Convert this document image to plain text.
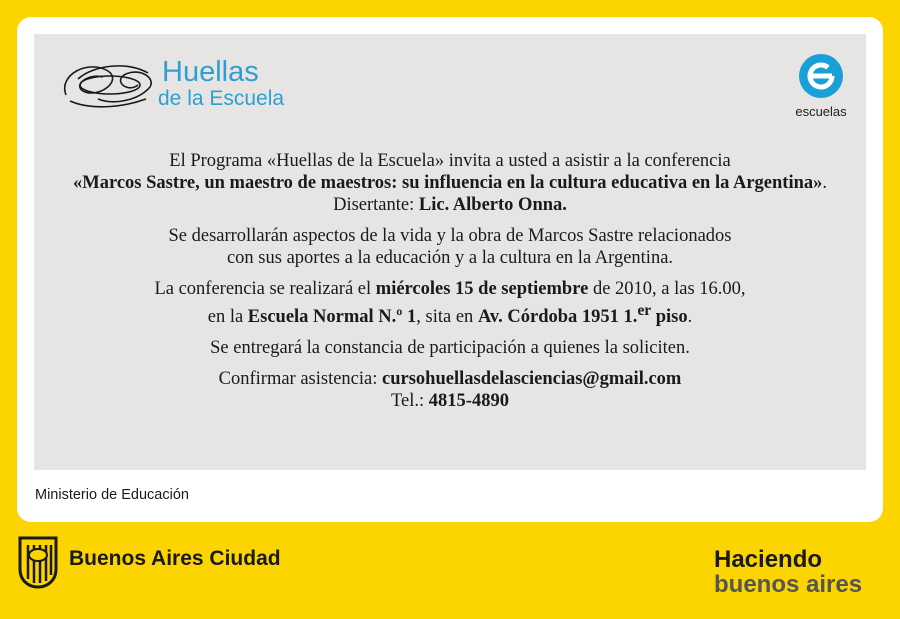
Huellas
de la Escuela
escuelas

El Programa «Huellas de la Escuela» invita a usted a asistir a la conferencia
«Marcos Sastre, un maestro de maestros: su influencia en la cultura educativa en la Argentina». Disertante: Lic. Alberto Onna.

Se desarrollarán aspectos de la vida y la obra de Marcos Sastre relacionados
con sus aportes a la educación y a la cultura en la Argentina.

La conferencia se realizará el miércoles 15 de septiembre de 2010, a las 16.00,
en la Escuela Normal N.º 1, sita en Av. Córdoba 1951 1.$^{er}$ piso.

Se entregará la constancia de participación a quienes la soliciten.

Confirmar asistencia: cursohuellasdelasciencias@gmail.com
Tel.: 4815-4890

Ministerio de Educación
Buenos Aires Ciudad	Haciendo
buenos aires
